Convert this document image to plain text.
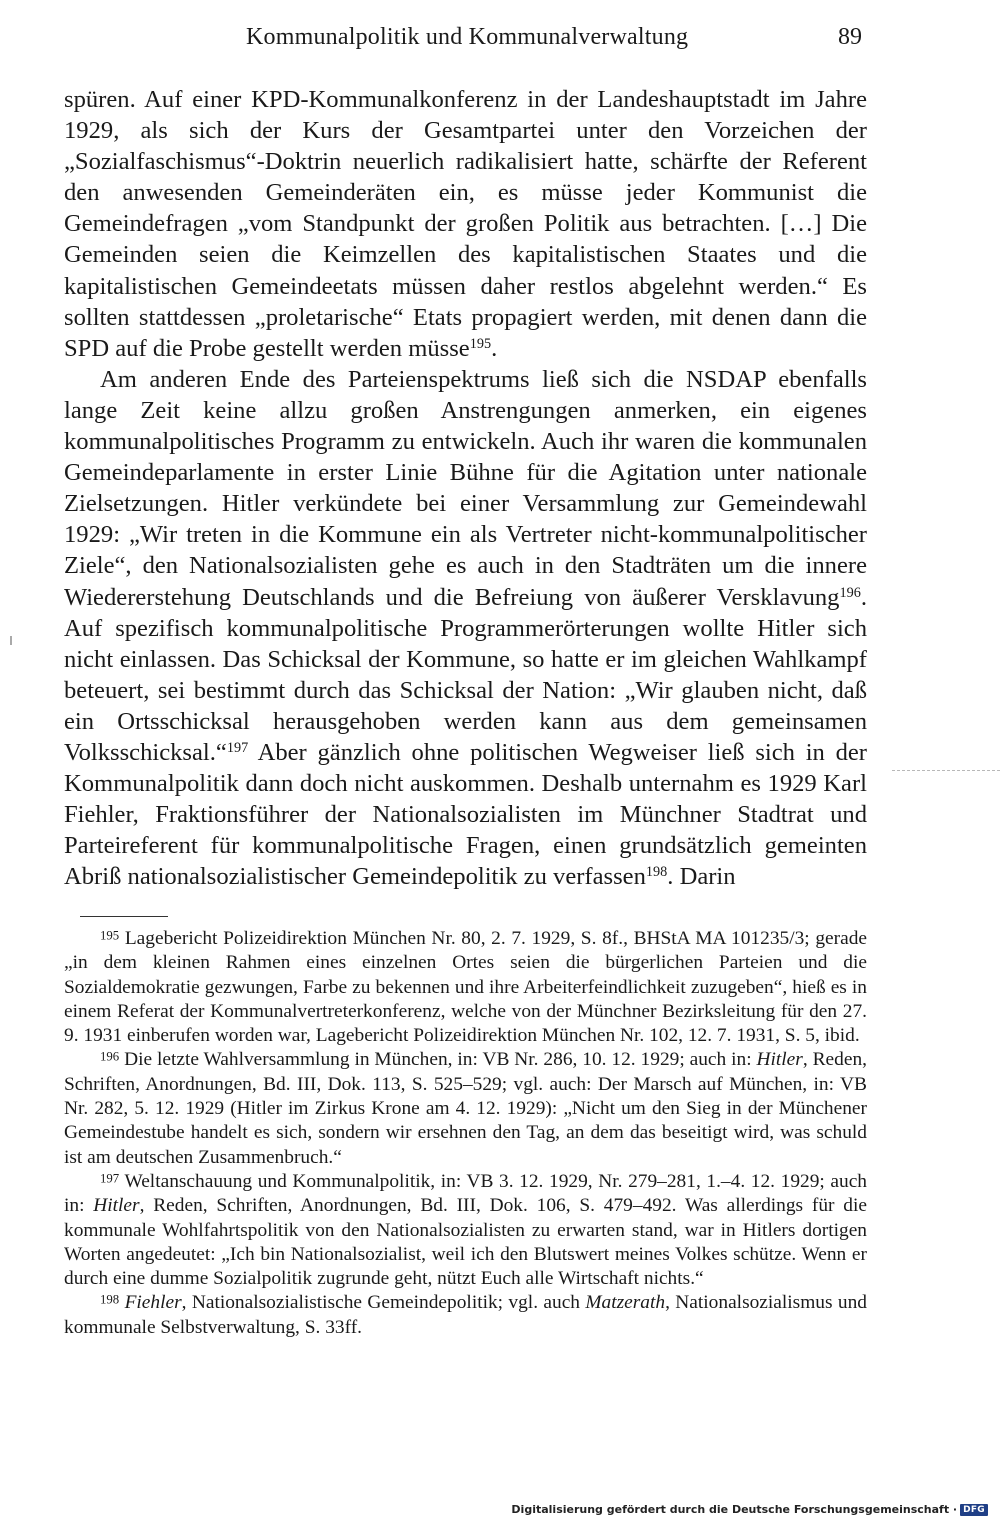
Kommunalpolitik und Kommunalverwaltung	89

spüren. Auf einer KPD-Kommunalkonferenz in der Landeshauptstadt im Jahre 1929, als sich der Kurs der Gesamtpartei unter den Vorzeichen der „Sozialfaschismus“-Doktrin neuerlich radikalisiert hatte, schärfte der Referent den anwesenden Gemeinderäten ein, es müsse jeder Kommunist die Gemeindefragen „vom Standpunkt der großen Politik aus betrachten. […] Die Gemeinden seien die Keimzellen des kapitalistischen Staates und die kapitalistischen Gemeindeetats müssen daher restlos abgelehnt werden.“ Es sollten stattdessen „proletarische“ Etats propagiert werden, mit denen dann die SPD auf die Probe gestellt werden müsse$^{195}$.

Am anderen Ende des Parteienspektrums ließ sich die NSDAP ebenfalls lange Zeit keine allzu großen Anstrengungen anmerken, ein eigenes kommunalpolitisches Programm zu entwickeln. Auch ihr waren die kommunalen Gemeindeparlamente in erster Linie Bühne für die Agitation unter nationale Zielsetzungen. Hitler verkündete bei einer Versammlung zur Gemeindewahl 1929: „Wir treten in die Kommune ein als Vertreter nicht-kommunalpolitischer Ziele“, den Nationalsozialisten gehe es auch in den Stadträten um die innere Wiedererstehung Deutschlands und die Befreiung von äußerer Versklavung$^{196}$. Auf spezifisch kommunalpolitische Programmerörterungen wollte Hitler sich nicht einlassen. Das Schicksal der Kommune, so hatte er im gleichen Wahlkampf beteuert, sei bestimmt durch das Schicksal der Nation: „Wir glauben nicht, daß ein Ortsschicksal herausgehoben werden kann aus dem gemeinsamen Volksschicksal.“$^{197}$ Aber gänzlich ohne politischen Wegweiser ließ sich in der Kommunalpolitik dann doch nicht auskommen. Deshalb unternahm es 1929 Karl Fiehler, Fraktionsführer der Nationalsozialisten im Münchner Stadtrat und Parteireferent für kommunalpolitische Fragen, einen grundsätzlich gemeinten Abriß nationalsozialistischer Gemeindepolitik zu verfassen$^{198}$. Darin

$^{195}$ Lagebericht Polizeidirektion München Nr. 80, 2. 7. 1929, S. 8f., BHStA MA 101235/3; gerade „in dem kleinen Rahmen eines einzelnen Ortes seien die bürgerlichen Parteien und die Sozialdemokratie gezwungen, Farbe zu bekennen und ihre Arbeiterfeindlichkeit zuzugeben“, hieß es in einem Referat der Kommunalvertreterkonferenz, welche von der Münchner Bezirksleitung für den 27. 9. 1931 einberufen worden war, Lagebericht Polizeidirektion München Nr. 102, 12. 7. 1931, S. 5, ibid.

$^{196}$ Die letzte Wahlversammlung in München, in: VB Nr. 286, 10. 12. 1929; auch in: Hitler, Reden, Schriften, Anordnungen, Bd. III, Dok. 113, S. 525–529; vgl. auch: Der Marsch auf München, in: VB Nr. 282, 5. 12. 1929 (Hitler im Zirkus Krone am 4. 12. 1929): „Nicht um den Sieg in der Münchener Gemeindestube handelt es sich, sondern wir ersehnen den Tag, an dem das beseitigt wird, was schuld ist am deutschen Zusammenbruch.“

$^{197}$ Weltanschauung und Kommunalpolitik, in: VB 3. 12. 1929, Nr. 279–281, 1.–4. 12. 1929; auch in: Hitler, Reden, Schriften, Anordnungen, Bd. III, Dok. 106, S. 479–492. Was allerdings für die kommunale Wohlfahrtspolitik von den Nationalsozialisten zu erwarten stand, war in Hitlers dortigen Worten angedeutet: „Ich bin Nationalsozialist, weil ich den Blutswert meines Volkes schütze. Wenn er durch eine dumme Sozialpolitik zugrunde geht, nützt Euch alle Wirtschaft nichts.“

$^{198}$ Fiehler, Nationalsozialistische Gemeindepolitik; vgl. auch Matzerath, Nationalsozialismus und kommunale Selbstverwaltung, S. 33ff.

Digitalisierung gefördert durch die Deutsche Forschungsgemeinschaft · DFG
